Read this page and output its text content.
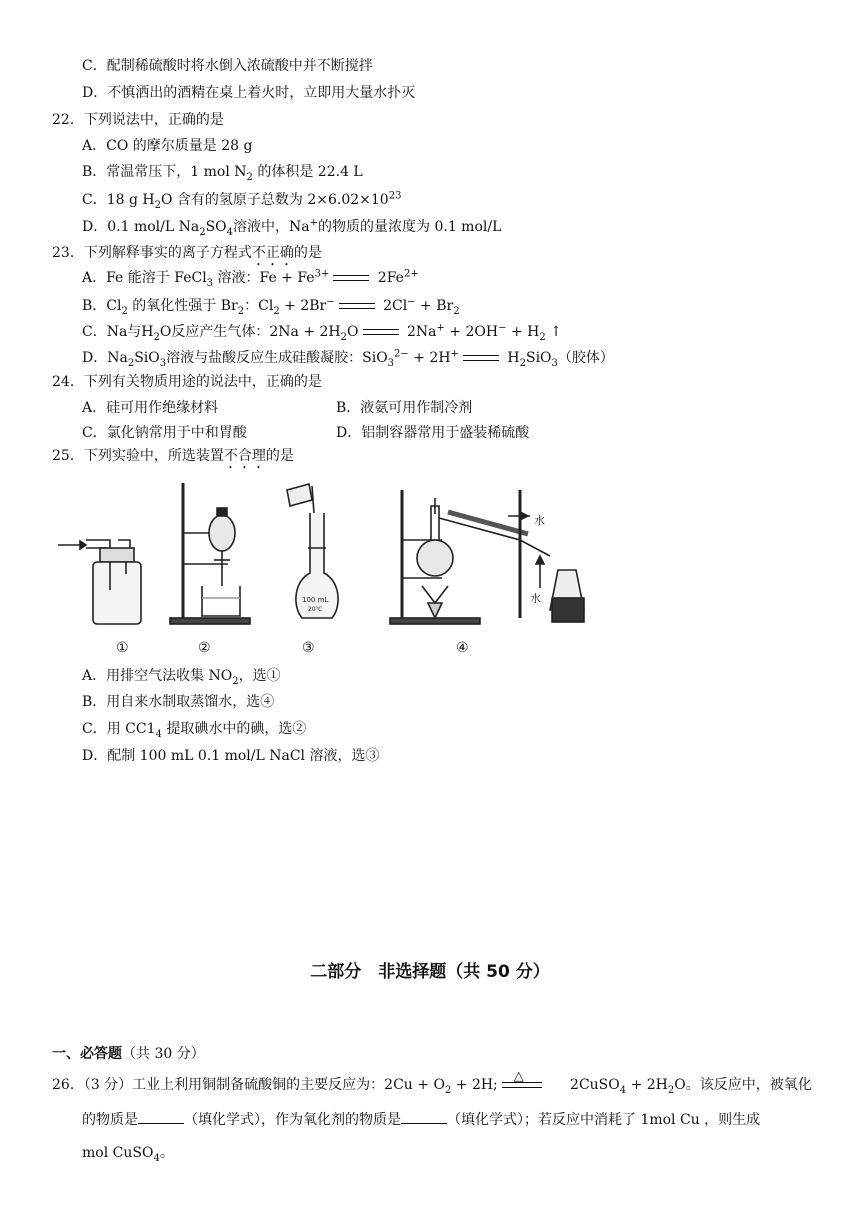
C．配制稀硫酸时将水倒入浓硫酸中并不断搅拌
D．不慎洒出的酒精在桌上着火时，立即用大量水扑灭
22．下列说法中，正确的是
A．CO 的摩尔质量是 28 g
B．常温常压下，1 mol $N_2$ 的体积是 22.4 L
C．18 g $H_2O$ 含有的氢原子总数为 $2\times 6.02\times 10^{23}$
D．0.1 mol/L $Na_2SO_4$溶液中，Na+的物质的量浓度为 0.1 mol/L
23．下列解释事实的离子方程式不正确的是
A．Fe 能溶于 FeCl$_3$ 溶液：$Fe + Fe^{3+}$	$2Fe^{2+}$
B．$Cl_2$ 的氧化性强于 $Br_2$：$Cl_2 + 2Br^-$	$2Cl^- + Br_2$
C．Na与$H_2O$反应产生气体：$2Na + 2H_2O$	$2Na^+ + 2OH^- + H_2$ ↑
D．$Na_2SiO_3$溶液与盐酸反应生成硅酸凝胶：SiO$_3^{2-}$ + 2H+	$H_2SiO_3$（胶体）
24．下列有关物质用途的说法中，正确的是
A．硅可用作绝缘材料	B．液氨可用作制冷剂
C．氯化钠常用于中和胃酸	D．铝制容器常用于盛装稀硫酸
25．下列实验中，所选装置不合理的是
100 mL
20℃
水
水
①	②	③	④
A．用排空气法收集 $NO_2$，选①
B．用自来水制取蒸馏水，选④
C．用 $CC1_4$ 提取碘水中的碘，选②
D．配制 100 mL 0.1 mol/L NaCl 溶液，选③
二部分　非选择题（共 50 分）
一、必答题（共 30 分）
26．（3 分）工业上利用铜制备硫酸铜的主要反应为：$2Cu + O_2 + 2H$;
△
2CuSO$_4$ + $2H_2O$。该反应中，被氧化
的物质是	（填化学式），作为氧化剂的物质是	（填化学式）；若反应中消耗了 1mol Cu ，则生成
mol CuSO$_4$。
